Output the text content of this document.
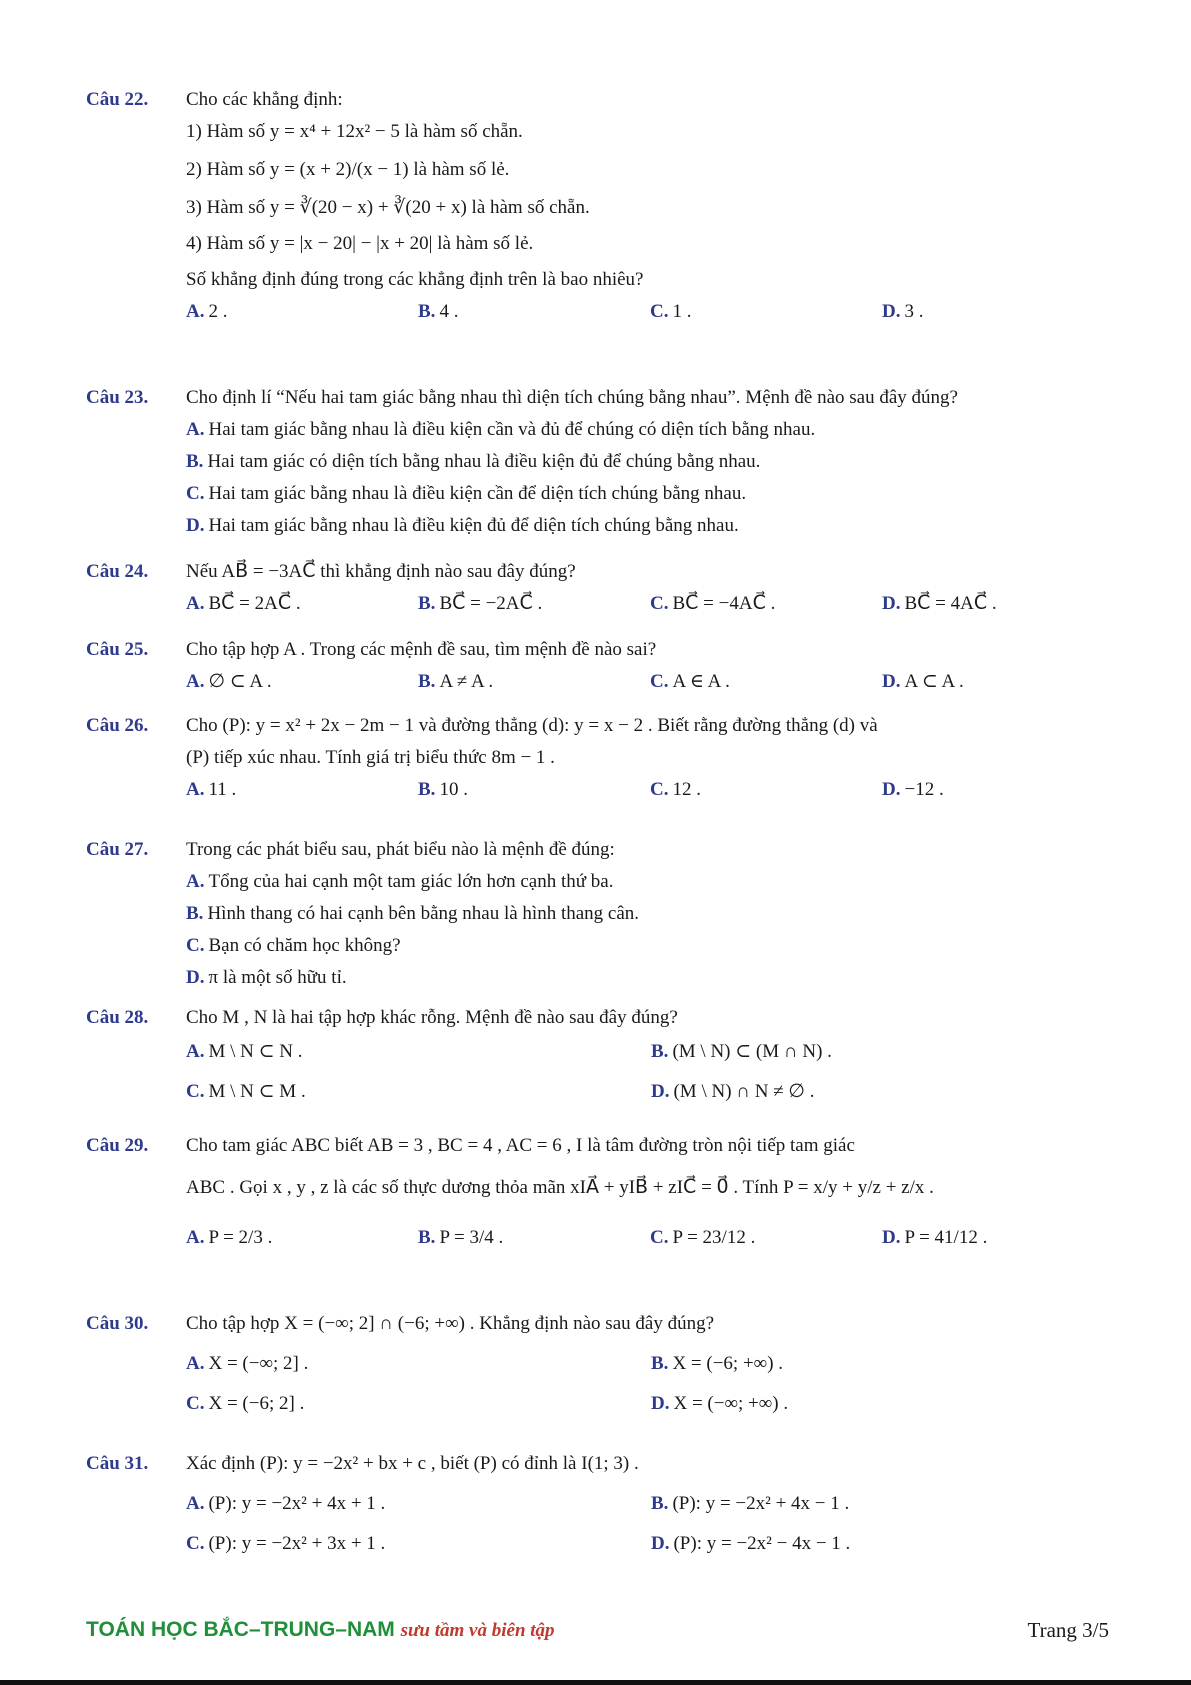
Câu 22.	Cho các khẳng định:
1) Hàm số y = x⁴ + 12x² − 5 là hàm số chẵn.
2) Hàm số y = (x + 2)/(x − 1) là hàm số lẻ.
3) Hàm số y = ∛(20 − x) + ∛(20 + x) là hàm số chẵn.
4) Hàm số y = |x − 20| − |x + 20| là hàm số lẻ.
Số khẳng định đúng trong các khẳng định trên là bao nhiêu?
A. 2 .	B. 4 .	C. 1 .	D. 3 .
Câu 23.	Cho định lí “Nếu hai tam giác bằng nhau thì diện tích chúng bằng nhau”. Mệnh đề nào sau đây đúng?
A. Hai tam giác bằng nhau là điều kiện cần và đủ để chúng có diện tích bằng nhau.
B. Hai tam giác có diện tích bằng nhau là điều kiện đủ để chúng bằng nhau.
C. Hai tam giác bằng nhau là điều kiện cần để diện tích chúng bằng nhau.
D. Hai tam giác bằng nhau là điều kiện đủ để diện tích chúng bằng nhau.
Câu 24.	Nếu AB⃗ = −3AC⃗ thì khẳng định nào sau đây đúng?
A. BC⃗ = 2AC⃗ .	B. BC⃗ = −2AC⃗ .	C. BC⃗ = −4AC⃗ .	D. BC⃗ = 4AC⃗ .
Câu 25.	Cho tập hợp A . Trong các mệnh đề sau, tìm mệnh đề nào sai?
A. ∅ ⊂ A .	B. A ≠ A .	C. A ∈ A .	D. A ⊂ A .
Câu 26.	Cho (P): y = x² + 2x − 2m − 1 và đường thẳng (d): y = x − 2 . Biết rằng đường thẳng (d) và
(P) tiếp xúc nhau. Tính giá trị biểu thức 8m − 1 .
A. 11 .	B. 10 .	C. 12 .	D. −12 .
Câu 27.	Trong các phát biểu sau, phát biểu nào là mệnh đề đúng:
A. Tổng của hai cạnh một tam giác lớn hơn cạnh thứ ba.
B. Hình thang có hai cạnh bên bằng nhau là hình thang cân.
C. Bạn có chăm học không?
D. π là một số hữu tỉ.
Câu 28.	Cho M , N là hai tập hợp khác rỗng. Mệnh đề nào sau đây đúng?
A. M \ N ⊂ N .	B. (M \ N) ⊂ (M ∩ N) .
C. M \ N ⊂ M .	D. (M \ N) ∩ N ≠ ∅ .
Câu 29.	Cho tam giác ABC biết AB = 3 , BC = 4 , AC = 6 , I là tâm đường tròn nội tiếp tam giác
ABC . Gọi x , y , z là các số thực dương thỏa mãn xIA⃗ + yIB⃗ + zIC⃗ = 0⃗ . Tính P = x/y + y/z + z/x .
A. P = 2/3 .	B. P = 3/4 .	C. P = 23/12 .	D. P = 41/12 .
Câu 30.	Cho tập hợp X = (−∞; 2] ∩ (−6; +∞) . Khẳng định nào sau đây đúng?
A. X = (−∞; 2] .	B. X = (−6; +∞) .
C. X = (−6; 2] .	D. X = (−∞; +∞) .
Câu 31.	Xác định (P): y = −2x² + bx + c , biết (P) có đỉnh là I(1; 3) .
A. (P): y = −2x² + 4x + 1 .	B. (P): y = −2x² + 4x − 1 .
C. (P): y = −2x² + 3x + 1 .	D. (P): y = −2x² − 4x − 1 .
TOÁN HỌC BẮC–TRUNG–NAM sưu tầm và biên tập	Trang 3/5
